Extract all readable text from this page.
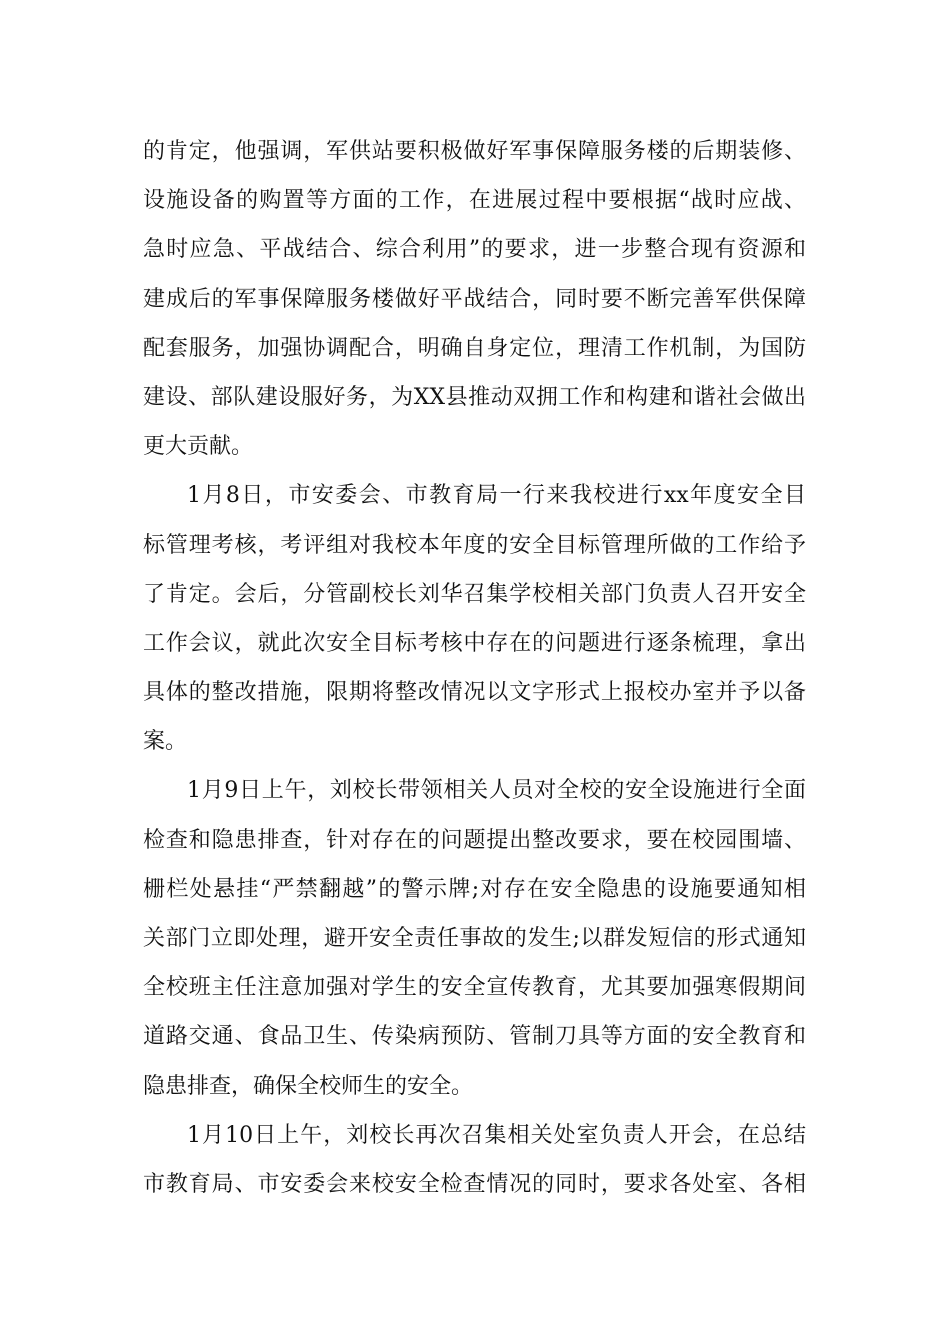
的肯定，他强调，军供站要积极做好军事保障服务楼的后期装修、
设施设备的购置等方面的工作，在进展过程中要根据“战时应战、
急时应急、平战结合、综合利用”的要求，进一步整合现有资源和
建成后的军事保障服务楼做好平战结合，同时要不断完善军供保障
配套服务，加强协调配合，明确自身定位，理清工作机制，为国防
建设、部队建设服好务，为XX县推动双拥工作和构建和谐社会做出
更大贡献。
1月8日，市安委会、市教育局一行来我校进行xx年度安全目
标管理考核，考评组对我校本年度的安全目标管理所做的工作给予
了肯定。会后，分管副校长刘华召集学校相关部门负责人召开安全
工作会议，就此次安全目标考核中存在的问题进行逐条梳理，拿出
具体的整改措施，限期将整改情况以文字形式上报校办室并予以备
案。
1月9日上午，刘校长带领相关人员对全校的安全设施进行全面
检查和隐患排查，针对存在的问题提出整改要求，要在校园围墙、
栅栏处悬挂“严禁翻越”的警示牌;对存在安全隐患的设施要通知相
关部门立即处理，避开安全责任事故的发生;以群发短信的形式通知
全校班主任注意加强对学生的安全宣传教育，尤其要加强寒假期间
道路交通、食品卫生、传染病预防、管制刀具等方面的安全教育和
隐患排查，确保全校师生的安全。
1月10日上午，刘校长再次召集相关处室负责人开会，在总结
市教育局、市安委会来校安全检查情况的同时，要求各处室、各相
